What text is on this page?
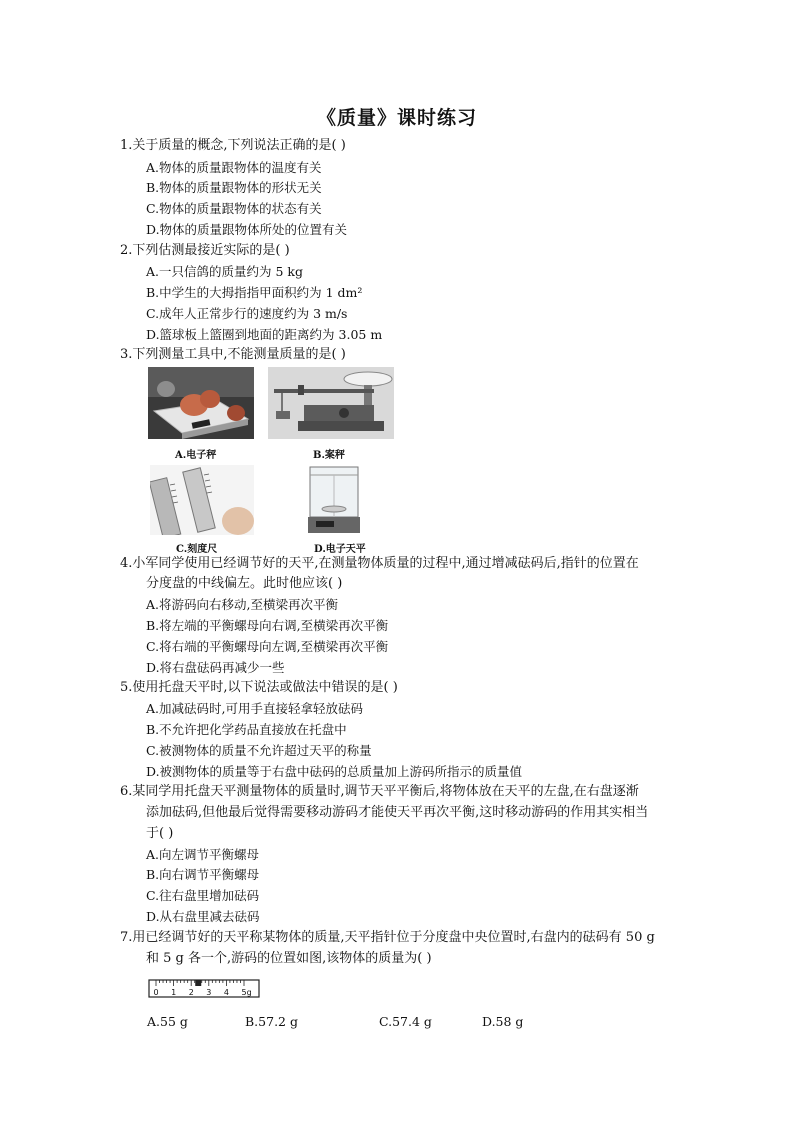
《质量》课时练习
1.关于质量的概念,下列说法正确的是( )
A.物体的质量跟物体的温度有关
B.物体的质量跟物体的形状无关
C.物体的质量跟物体的状态有关
D.物体的质量跟物体所处的位置有关
2.下列估测最接近实际的是( )
A.一只信鸽的质量约为 5 kg
B.中学生的大拇指指甲面积约为 1 dm²
C.成年人正常步行的速度约为 3 m/s
D.篮球板上篮圈到地面的距离约为 3.05 m
3.下列测量工具中,不能测量质量的是( )
A.电子秤	B.案秤
C.刻度尺	D.电子天平
4.小军同学使用已经调节好的天平,在测量物体质量的过程中,通过增减砝码后,指针的位置在
分度盘的中线偏左。此时他应该( )
A.将游码向右移动,至横梁再次平衡
B.将左端的平衡螺母向右调,至横梁再次平衡
C.将右端的平衡螺母向左调,至横梁再次平衡
D.将右盘砝码再减少一些
5.使用托盘天平时,以下说法或做法中错误的是( )
A.加减砝码时,可用手直接轻拿轻放砝码
B.不允许把化学药品直接放在托盘中
C.被测物体的质量不允许超过天平的称量
D.被测物体的质量等于右盘中砝码的总质量加上游码所指示的质量值
6.某同学用托盘天平测量物体的质量时,调节天平平衡后,将物体放在天平的左盘,在右盘逐渐
添加砝码,但他最后觉得需要移动游码才能使天平再次平衡,这时移动游码的作用其实相当
于( )
A.向左调节平衡螺母
B.向右调节平衡螺母
C.往右盘里增加砝码
D.从右盘里减去砝码
7.用已经调节好的天平称某物体的质量,天平指针位于分度盘中央位置时,右盘内的砝码有 50 g
和 5 g 各一个,游码的位置如图,该物体的质量为( )
0 1 2 3 4 5g
A.55 g	B.57.2 g	C.57.4 g	D.58 g
